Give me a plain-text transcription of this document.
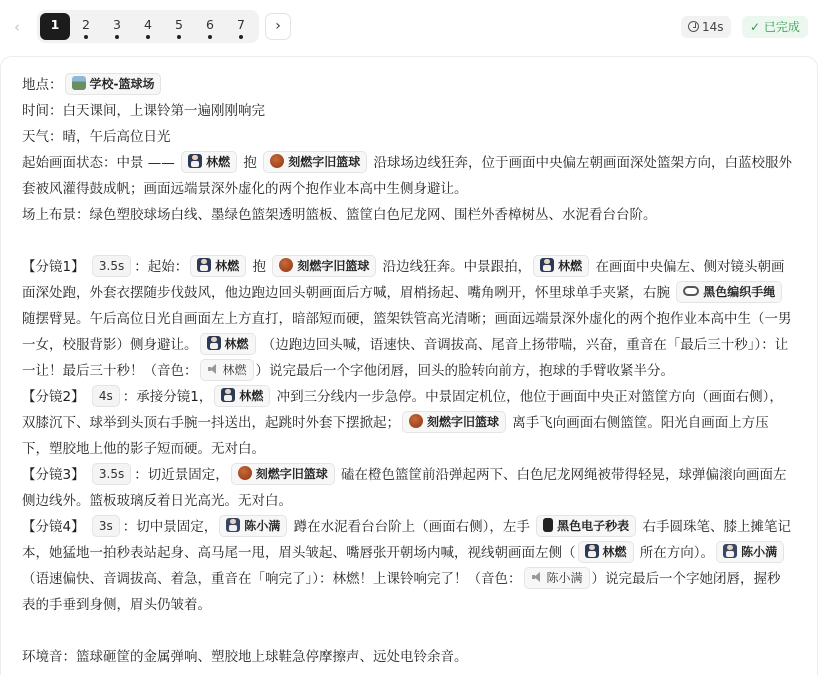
‹	1	2	3	4	5	6	7	›	14s	✓ 已完成

地点： 学校-篮球场

时间：白天课间，上课铃第一遍刚刚响完

天气：晴，午后高位日光

起始画面状态：中景 —— 林燃 抱 刻燃字旧篮球 沿球场边线狂奔，位于画面中央偏左朝画面深处篮架方向，白蓝校服外套被风灌得鼓成帆；画面远端景深外虚化的两个抱作业本高中生侧身避让。

场上布景：绿色塑胶球场白线、墨绿色篮架透明篮板、篮筐白色尼龙网、围栏外香樟树丛、水泥看台台阶。

【分镜1】 3.5s ：起始： 林燃 抱 刻燃字旧篮球 沿边线狂奔。中景跟拍， 林燃 在画面中央偏左、侧对镜头朝画面深处跑，外套衣摆随步伐鼓风，他边跑边回头朝画面后方喊，眉梢扬起、嘴角咧开，怀里球单手夹紧，右腕 黑色编织手绳 随摆臂晃。午后高位日光自画面左上方直打，暗部短而硬，篮架铁管高光清晰；画面远端景深外虚化的两个抱作业本高中生（一男一女，校服背影）侧身避让。 林燃 （边跑边回头喊，语速快、音调拔高、尾音上扬带喘，兴奋，重音在「最后三十秒」）：让一让！最后三十秒！（音色： 林燃 ）说完最后一个字他闭唇，回头的脸转向前方，抱球的手臂收紧半分。

【分镜2】 4s ：承接分镜1， 林燃 冲到三分线内一步急停。中景固定机位，他位于画面中央正对篮筐方向（画面右侧），双膝沉下、球举到头顶右手腕一抖送出，起跳时外套下摆掀起； 刻燃字旧篮球 离手飞向画面右侧篮筐。阳光自画面上方压下，塑胶地上他的影子短而硬。无对白。

【分镜3】 3.5s ：切近景固定， 刻燃字旧篮球 磕在橙色篮筐前沿弹起两下、白色尼龙网绳被带得轻晃，球弹偏滚向画面左侧边线外。篮板玻璃反着日光高光。无对白。

【分镜4】 3s ：切中景固定， 陈小满 蹲在水泥看台台阶上（画面右侧），左手 黑色电子秒表 右手圆珠笔、膝上摊笔记本，她猛地一拍秒表站起身、高马尾一甩，眉头皱起、嘴唇张开朝场内喊，视线朝画面左侧（ 林燃 所在方向）。 陈小满 （语速偏快、音调拔高、着急，重音在「响完了」）：林燃！上课铃响完了！（音色： 陈小满 ）说完最后一个字她闭唇，握秒表的手垂到身侧，眉头仍皱着。

环境音：篮球砸筐的金属弹响、塑胶地上球鞋急停摩擦声、远处电铃余音。
